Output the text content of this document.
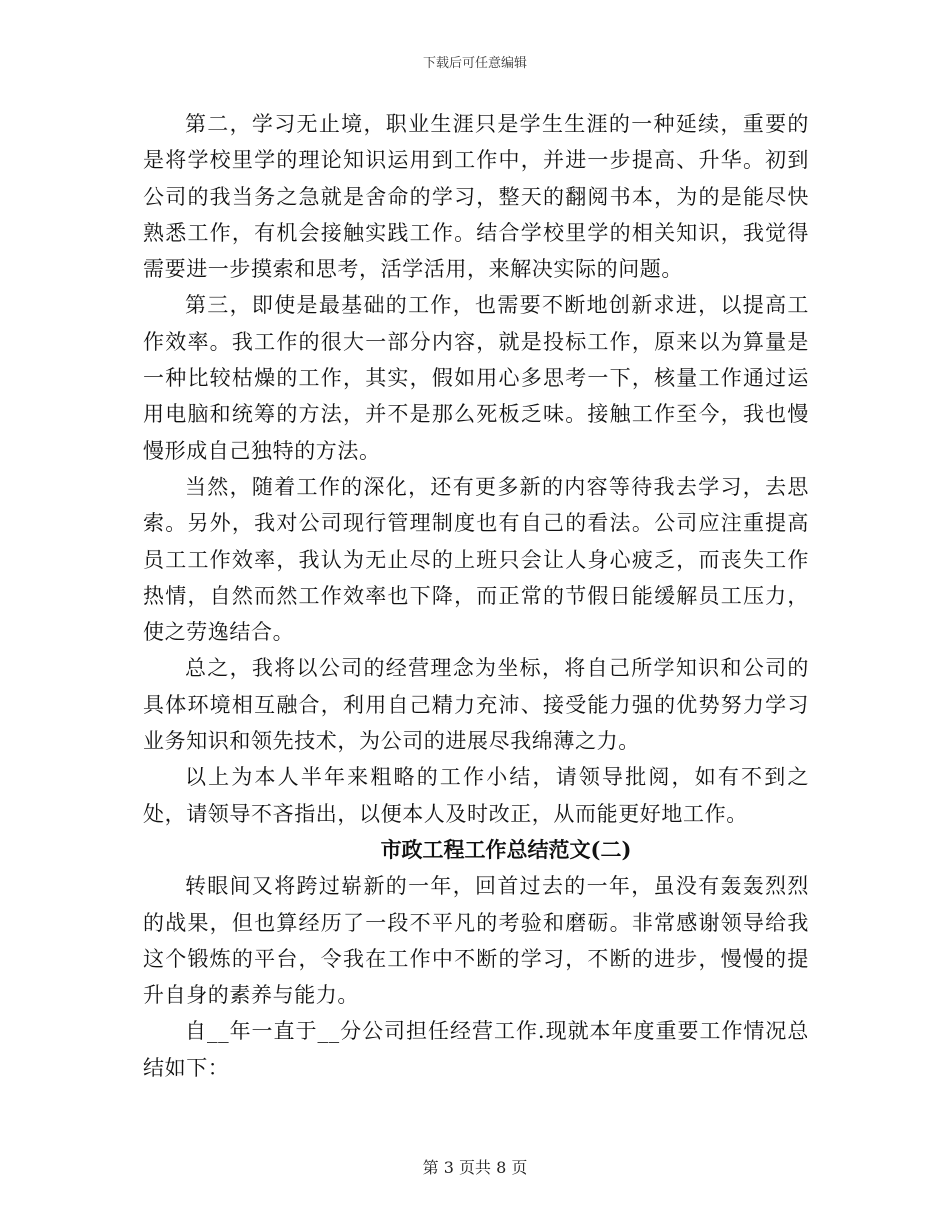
下载后可任意编辑

第二，学习无止境，职业生涯只是学生生涯的一种延续，重要的是将学校里学的理论知识运用到工作中，并进一步提高、升华。初到公司的我当务之急就是舍命的学习，整天的翻阅书本，为的是能尽快熟悉工作，有机会接触实践工作。结合学校里学的相关知识，我觉得需要进一步摸索和思考，活学活用，来解决实际的问题。

第三，即使是最基础的工作，也需要不断地创新求进，以提高工作效率。我工作的很大一部分内容，就是投标工作，原来以为算量是一种比较枯燥的工作，其实，假如用心多思考一下，核量工作通过运用电脑和统筹的方法，并不是那么死板乏味。接触工作至今，我也慢慢形成自己独特的方法。

当然，随着工作的深化，还有更多新的内容等待我去学习，去思索。另外，我对公司现行管理制度也有自己的看法。公司应注重提高员工工作效率，我认为无止尽的上班只会让人身心疲乏，而丧失工作热情，自然而然工作效率也下降，而正常的节假日能缓解员工压力，使之劳逸结合。

总之，我将以公司的经营理念为坐标，将自己所学知识和公司的具体环境相互融合，利用自己精力充沛、接受能力强的优势努力学习业务知识和领先技术，为公司的进展尽我绵薄之力。

以上为本人半年来粗略的工作小结，请领导批阅，如有不到之处，请领导不吝指出，以便本人及时改正，从而能更好地工作。

市政工程工作总结范文(二)

转眼间又将跨过崭新的一年，回首过去的一年，虽没有轰轰烈烈的战果，但也算经历了一段不平凡的考验和磨砺。非常感谢领导给我这个锻炼的平台，令我在工作中不断的学习，不断的进步，慢慢的提升自身的素养与能力。

自__年一直于__分公司担任经营工作.现就本年度重要工作情况总结如下：

第 3 页共 8 页
